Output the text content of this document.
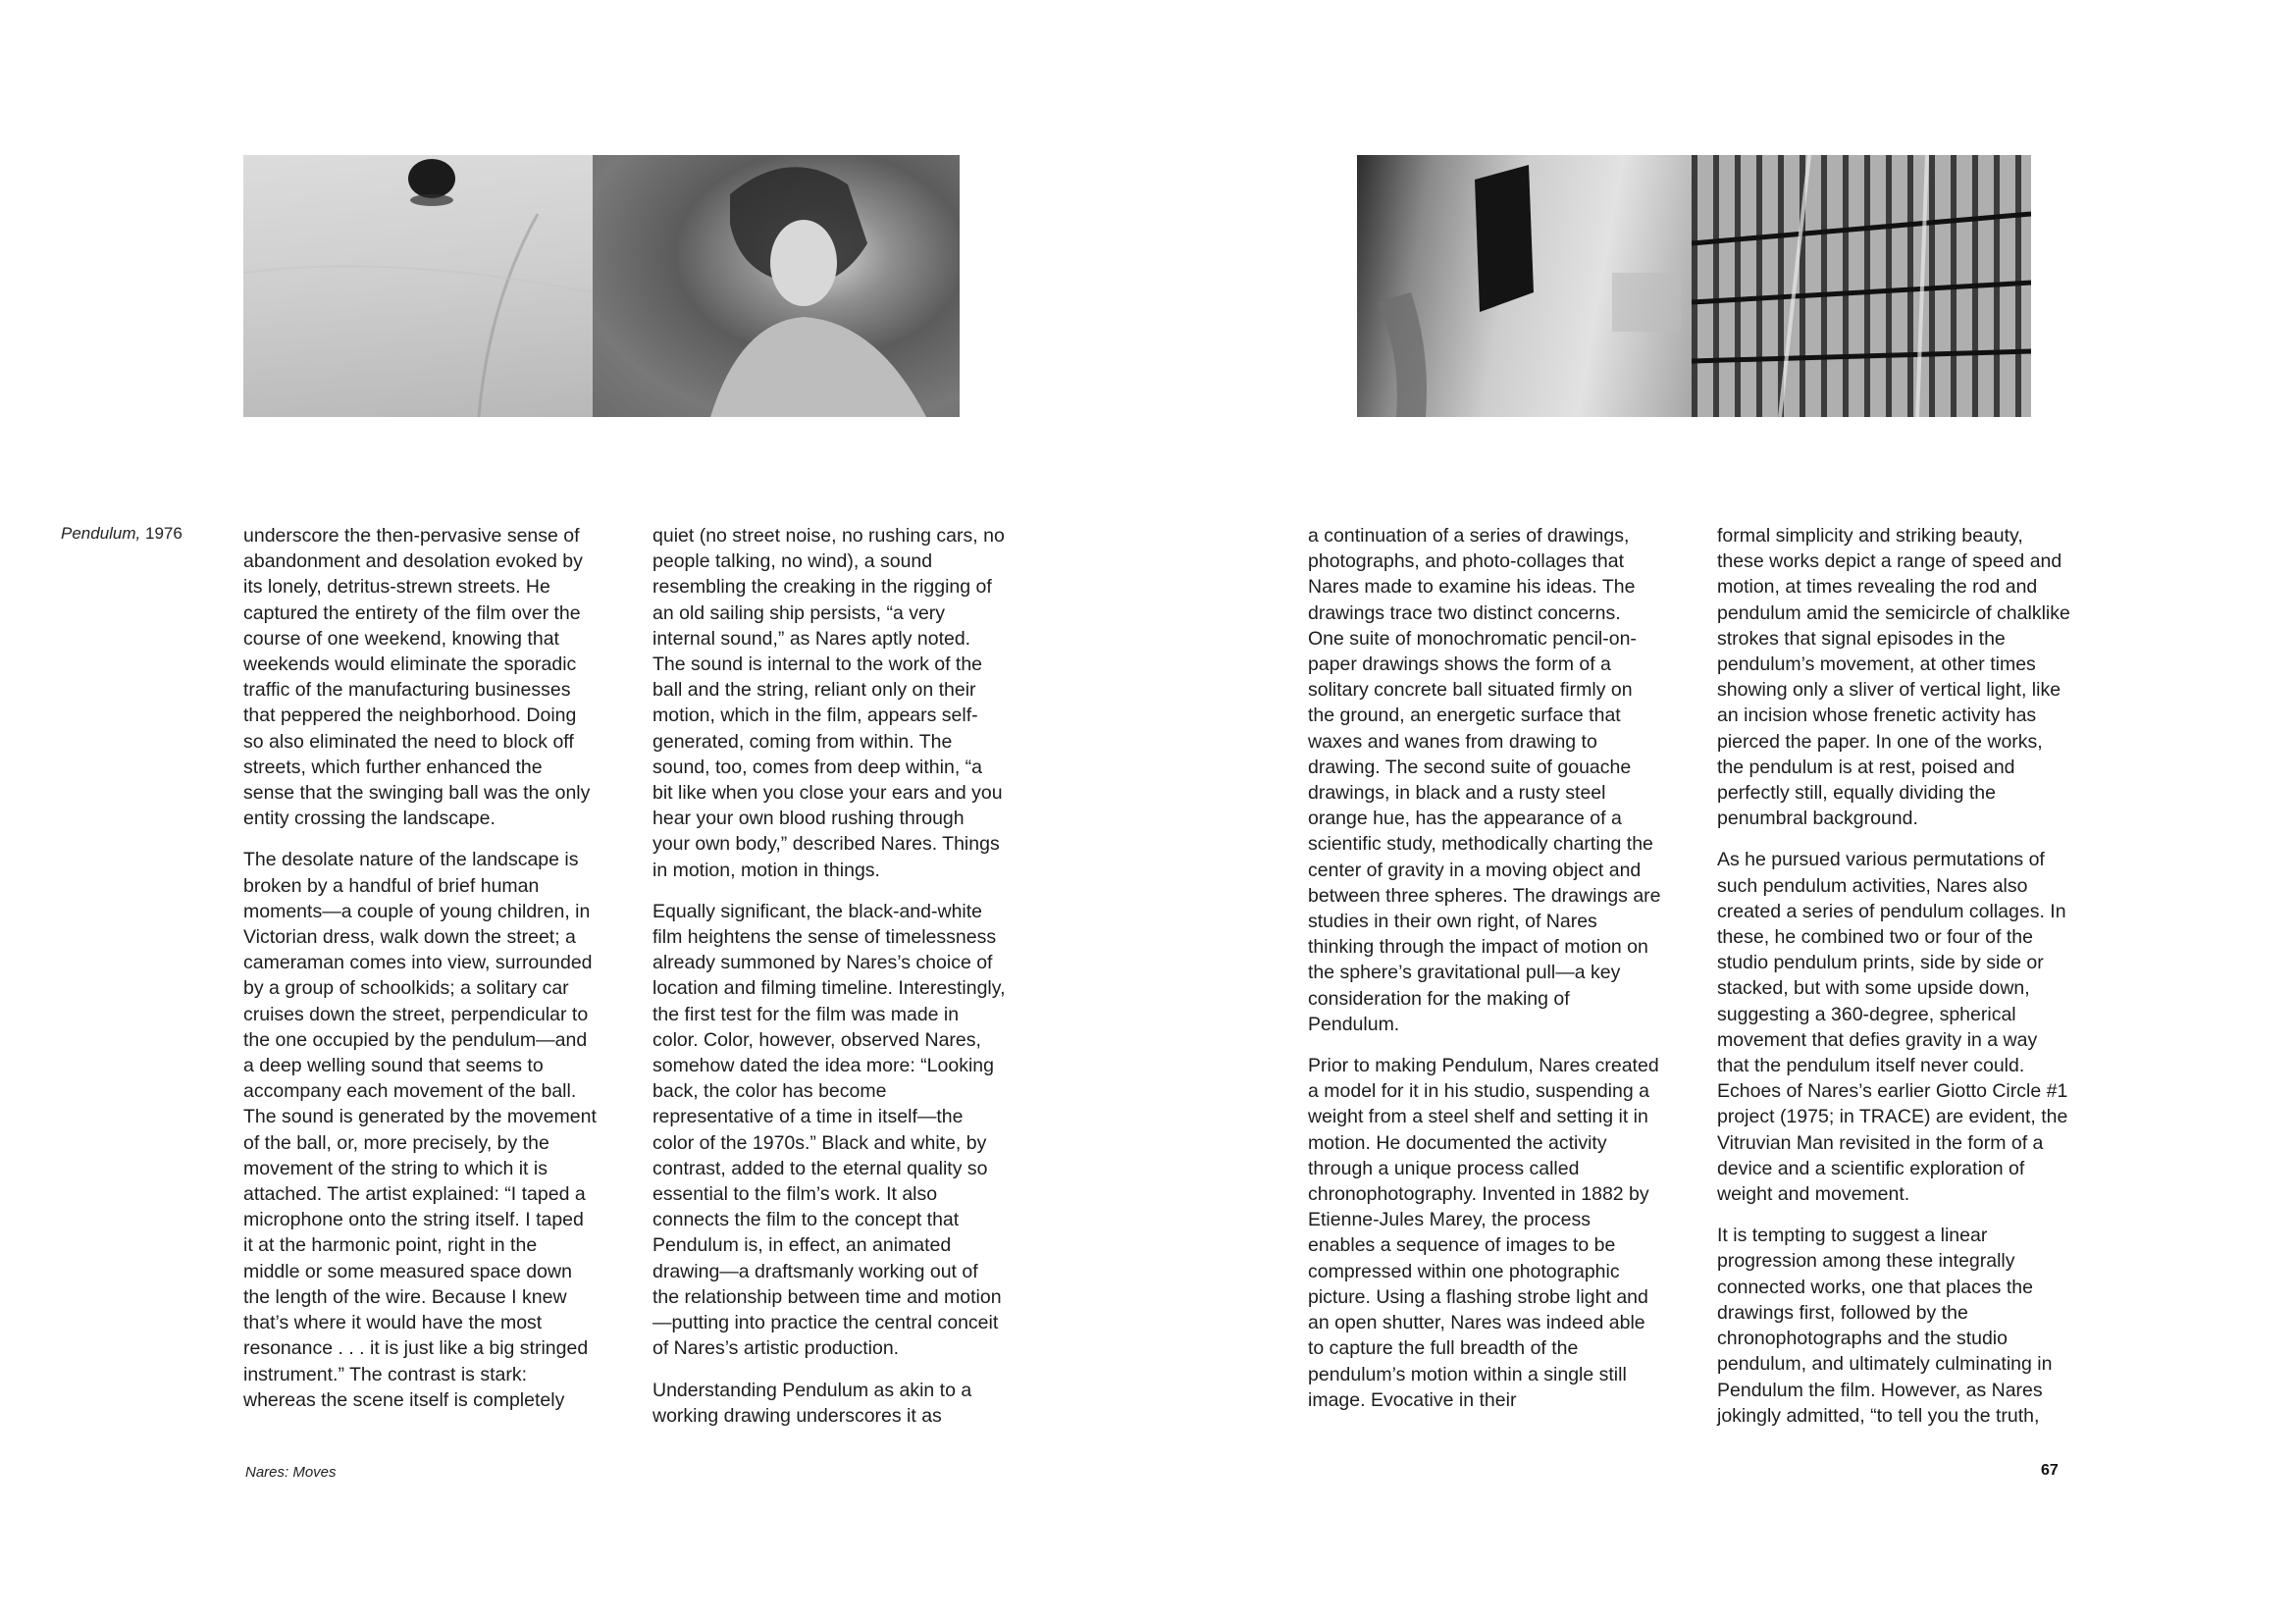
Pendulum, 1976	underscore the then-pervasive sense of abandonment and desolation evoked by its lonely, detritus-strewn streets. He captured the entirety of the film over the course of one weekend, knowing that weekends would eliminate the sporadic traffic of the manufacturing businesses that peppered the neighborhood. Doing so also eliminated the need to block off streets, which further enhanced the sense that the swinging ball was the only entity crossing the landscape.

The desolate nature of the landscape is broken by a handful of brief human moments—a couple of young children, in Victorian dress, walk down the street; a cameraman comes into view, surrounded by a group of schoolkids; a solitary car cruises down the street, perpendicular to the one occupied by the pendulum—and a deep welling sound that seems to accompany each movement of the ball. The sound is generated by the movement of the ball, or, more precisely, by the movement of the string to which it is attached. The artist explained: “I taped a microphone onto the string itself. I taped it at the harmonic point, right in the middle or some measured space down the length of the wire. Because I knew that’s where it would have the most resonance . . . it is just like a big stringed instrument.” The contrast is stark: whereas the scene itself is completely

quiet (no street noise, no rushing cars, no people talking, no wind), a sound resembling the creaking in the rigging of an old sailing ship persists, “a very internal sound,” as Nares aptly noted. The sound is internal to the work of the ball and the string, reliant only on their motion, which in the film, appears self-generated, coming from within. The sound, too, comes from deep within, “a bit like when you close your ears and you hear your own blood rushing through your own body,” described Nares. Things in motion, motion in things.

Equally significant, the black-and-white film heightens the sense of timelessness already summoned by Nares’s choice of location and filming timeline. Interestingly, the first test for the film was made in color. Color, however, observed Nares, somehow dated the idea more: “Looking back, the color has become representative of a time in itself—the color of the 1970s.” Black and white, by contrast, added to the eternal quality so essential to the film’s work. It also connects the film to the concept that Pendulum is, in effect, an animated drawing—a draftsmanly working out of the relationship between time and motion—putting into practice the central conceit of Nares’s artistic production.

Understanding Pendulum as akin to a working drawing underscores it as

a continuation of a series of drawings, photographs, and photo-collages that Nares made to examine his ideas. The drawings trace two distinct concerns. One suite of monochromatic pencil-on-paper drawings shows the form of a solitary concrete ball situated firmly on the ground, an energetic surface that waxes and wanes from drawing to drawing. The second suite of gouache drawings, in black and a rusty steel orange hue, has the appearance of a scientific study, methodically charting the center of gravity in a moving object and between three spheres. The drawings are studies in their own right, of Nares thinking through the impact of motion on the sphere’s gravitational pull—a key consideration for the making of Pendulum.

Prior to making Pendulum, Nares created a model for it in his studio, suspending a weight from a steel shelf and setting it in motion. He documented the activity through a unique process called chronophotography. Invented in 1882 by Etienne-Jules Marey, the process enables a sequence of images to be compressed within one photographic picture. Using a flashing strobe light and an open shutter, Nares was indeed able to capture the full breadth of the pendulum’s motion within a single still image. Evocative in their

formal simplicity and striking beauty, these works depict a range of speed and motion, at times revealing the rod and pendulum amid the semicircle of chalklike strokes that signal episodes in the pendulum’s movement, at other times showing only a sliver of vertical light, like an incision whose frenetic activity has pierced the paper. In one of the works, the pendulum is at rest, poised and perfectly still, equally dividing the penumbral background.

As he pursued various permutations of such pendulum activities, Nares also created a series of pendulum collages. In these, he combined two or four of the studio pendulum prints, side by side or stacked, but with some upside down, suggesting a 360-degree, spherical movement that defies gravity in a way that the pendulum itself never could. Echoes of Nares’s earlier Giotto Circle #1 project (1975; in TRACE) are evident, the Vitruvian Man revisited in the form of a device and a scientific exploration of weight and movement.

It is tempting to suggest a linear progression among these integrally connected works, one that places the drawings first, followed by the chronophotographs and the studio pendulum, and ultimately culminating in Pendulum the film. However, as Nares jokingly admitted, “to tell you the truth,

Nares: Moves	67
